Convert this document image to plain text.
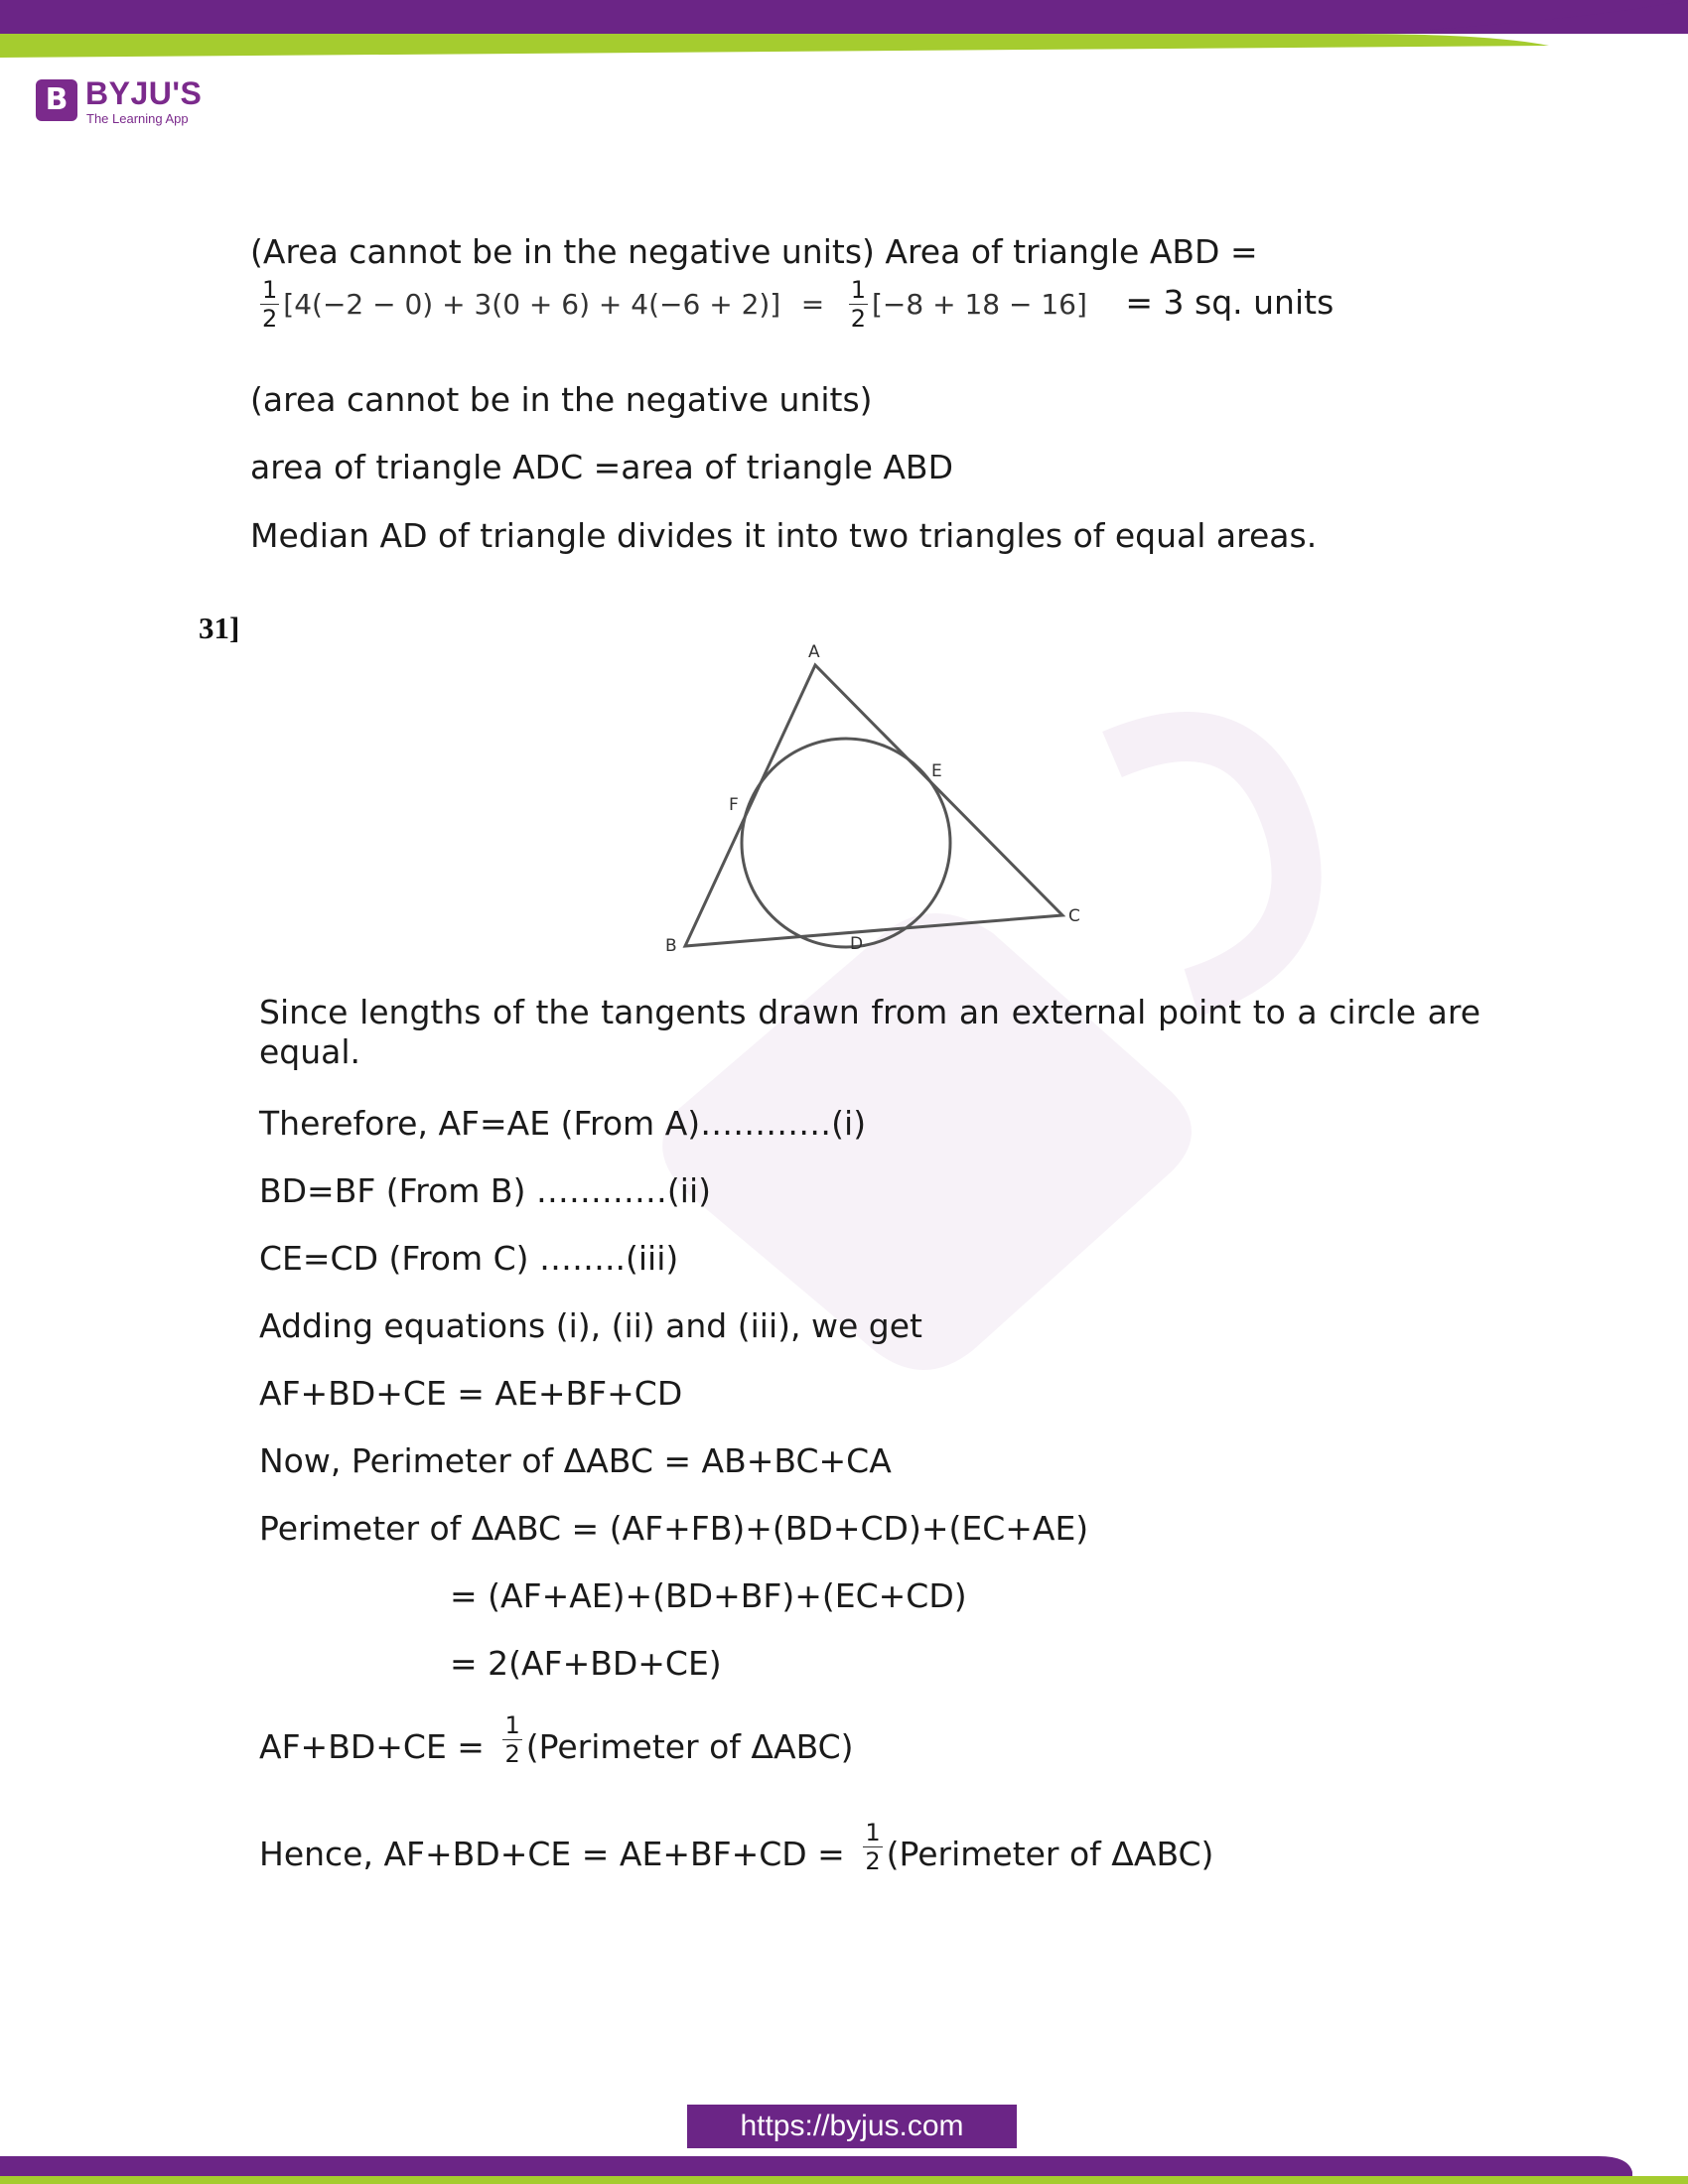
B BYJU'S
The Learning App
(Area cannot be in the negative units) Area of triangle ABD =
$\frac{1}{2} [4(-2 - 0) + 3(0 + 6) + 4(-6 + 2)] = \frac{1}{2} [-8 + 18 - 16] = 3$ sq. units
(area cannot be in the negative units)
area of triangle ADC =area of triangle ABD
Median AD of triangle divides it into two triangles of equal areas.
31]
A
B
C
D
E
F
Since lengths of the tangents drawn from an external point to a circle are equal.
Therefore, AF=AE (From A)…………(i)
BD=BF (From B) …………(ii)
CE=CD (From C) ……..(iii)
Adding equations (i), (ii) and (iii), we get
AF+BD+CE = AE+BF+CD
Now, Perimeter of ΔABC = AB+BC+CA
Perimeter of ΔABC = (AF+FB)+(BD+CD)+(EC+AE)
= (AF+AE)+(BD+BF)+(EC+CD)
= 2(AF+BD+CE)
$AF+BD+CE = \frac{1}{2}$ (Perimeter of ΔABC)
Hence, $AF+BD+CE = AE+BF+CD = \frac{1}{2}$ (Perimeter of ΔABC)
https://byjus.com
